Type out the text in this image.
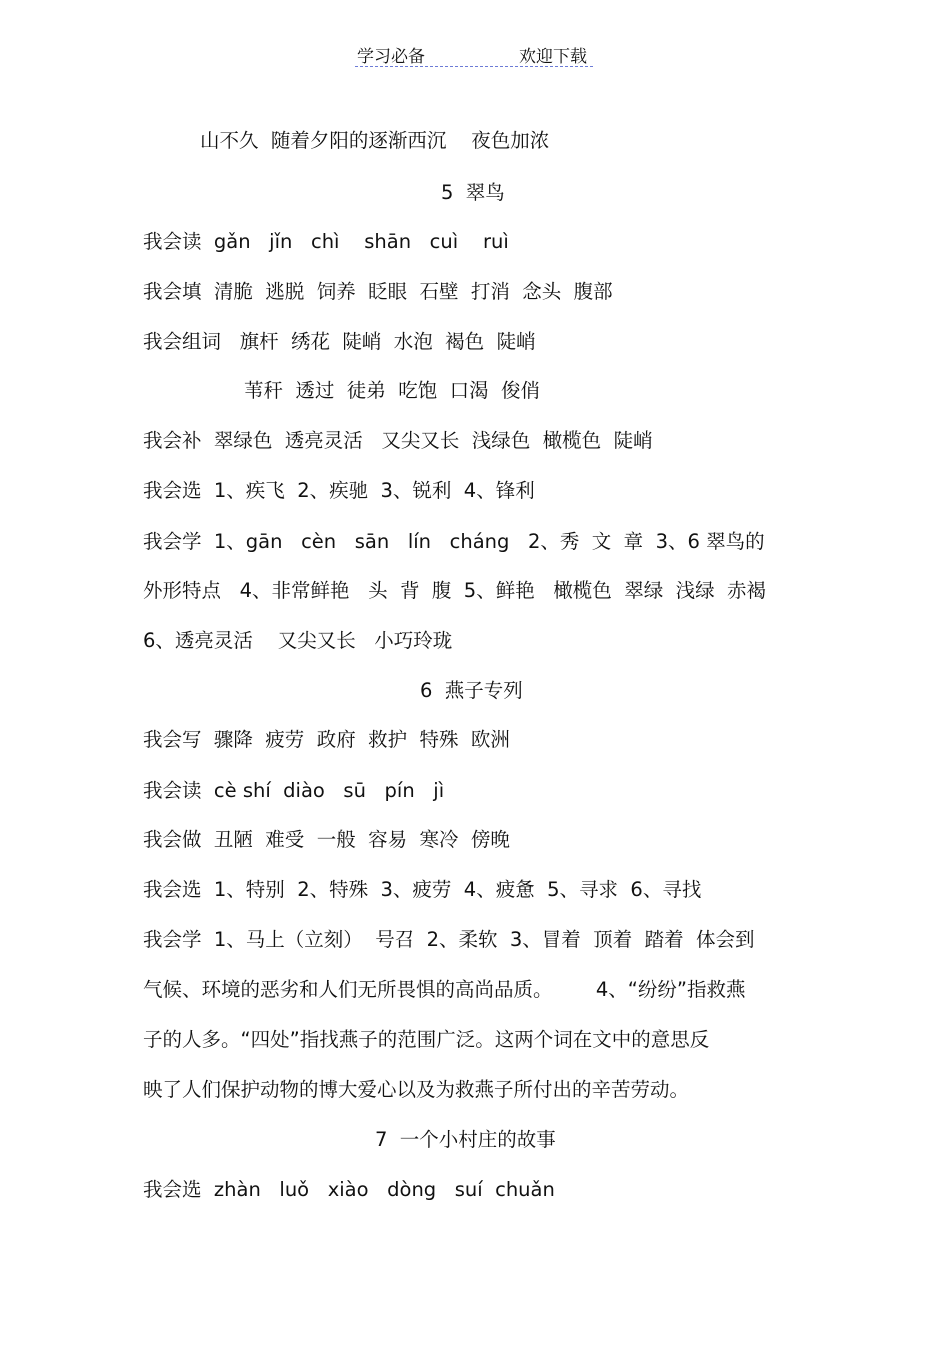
学习必备	欢迎下载
山不久  随着夕阳的逐渐西沉    夜色加浓
5  翠鸟
我会读  gǎn   jǐn   chì    shān   cuì    ruì
我会填  清脆  逃脱  饲养  眨眼  石壁  打消  念头  腹部
我会组词   旗杆  绣花  陡峭  水泡  褐色  陡峭
苇秆  透过  徒弟  吃饱  口渴  俊俏
我会补  翠绿色  透亮灵活   又尖又长  浅绿色  橄榄色  陡峭
我会选  1、疾飞  2、疾驰  3、锐利  4、锋利
我会学  1、gān   cèn   sān   lín   cháng   2、秀  文  章  3、6 翠鸟的
外形特点   4、非常鲜艳   头  背  腹  5、鲜艳   橄榄色  翠绿  浅绿  赤褐
6、透亮灵活    又尖又长   小巧玲珑
6  燕子专列
我会写  骤降  疲劳  政府  救护  特殊  欧洲
我会读  cè shí  diào   sū   pín   jì
我会做  丑陋  难受  一般  容易  寒冷  傍晚
我会选  1、特别  2、特殊  3、疲劳  4、疲惫  5、寻求  6、寻找
我会学  1、马上（立刻）  号召  2、柔软  3、冒着  顶着  踏着  体会到
气候、环境的恶劣和人们无所畏惧的高尚品质。       4、“纷纷”指救燕
子的人多。“四处”指找燕子的范围广泛。这两个词在文中的意思反
映了人们保护动物的博大爱心以及为救燕子所付出的辛苦劳动。
7  一个小村庄的故事
我会选  zhàn   luǒ   xiào   dòng   suí  chuǎn
